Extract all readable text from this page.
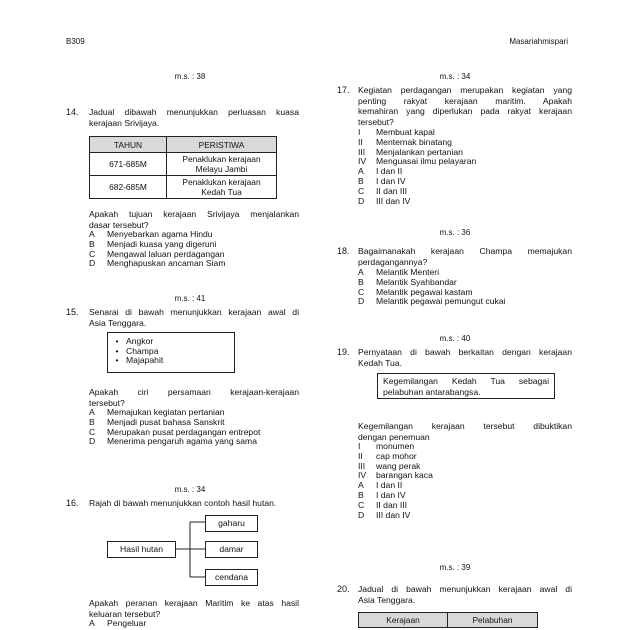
B309	Masariahmispari
m.s. : 38
14. Jadual dibawah menunjukkan perluasan kuasa
kerajaan Srivijaya.
TAHUN	PERISTIWA
671-685M	Penaklukan kerajaan
Melayu Jambi

682-685M	Penaklukan kerajaan
Kedah Tua
Apakah tujuan kerajaan Srivijaya menjalankan
dasar tersebut?
A Menyebarkan agama Hindu
B Menjadi kuasa yang digeruni
C Mengawal laluan perdagangan
D Menghapuskan ancaman Siam
m.s. : 41
15. Senarai di bawah menunjukkan kerajaan awal di
Asia Tenggara.
• Angkor
• Champa
• Majapahit
Apakah ciri persamaan kerajaan-kerajaan
tersebut?
A Memajukan kegiatan pertanian
B Menjadi pusat bahasa Sanskrit
C Merupakan pusat perdagangan entrepot
D Menerima pengaruh agama yang sama
m.s. : 34
16. Rajah di bawah menunjukkan contoh hasil hutan.
Hasil hutan
gaharu
damar
cendana
Apakah peranan kerajaan Maritim ke atas hasil
keluaran tersebut?
A Pengeluar
m.s. : 34
17. Kegiatan perdagangan merupakan kegiatan yang
penting rakyat kerajaan maritim. Apakah
kemahiran yang diperlukan pada rakyat kerajaan
tersebut?
I Membuat kapal
II Menternak binatang
III Menjalankan pertanian
IV Menguasai ilmu pelayaran
A I dan II
B I dan IV
C II dan III
D III dan IV
m.s. : 36
18. Bagaimanakah kerajaan Champa memajukan
perdagangannya?
A Melantik Menteri
B Melantik Syahbandar
C Melantik pegawai kastam
D Melantik pegawai pemungut cukai
m.s. : 40
19. Pernyataan di bawah berkaitan dengan kerajaan
Kedah Tua.
Kegemilangan Kedah Tua sebagai
pelabuhan antarabangsa.
Kegemilangan kerajaan tersebut dibuktikan
dengan penemuan
I monumen
II cap mohor
III wang perak
IV barangan kaca
A I dan II
B I dan IV
C II dan III
D III dan IV
m.s. : 39
20. Jadual di bawah menunjukkan kerajaan awal di
Asia Tenggara.
Kerajaan	Pelabuhan
